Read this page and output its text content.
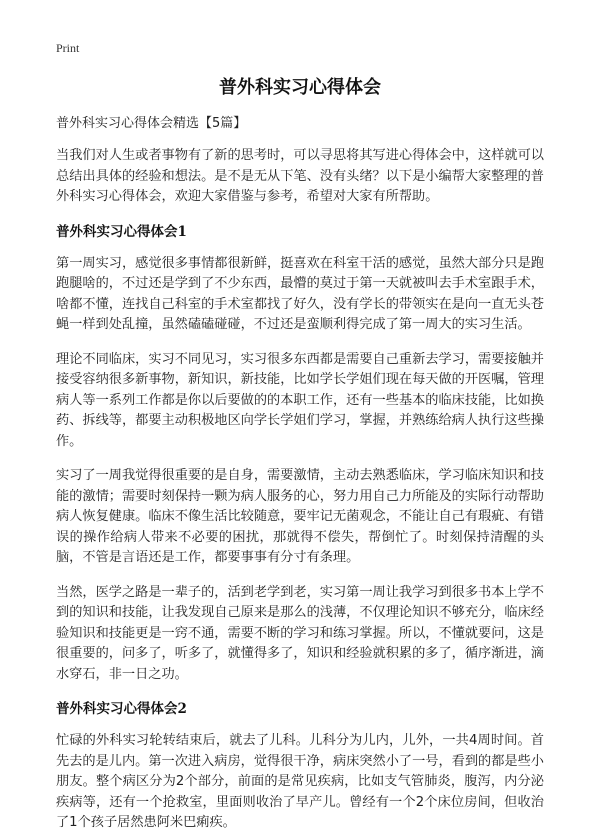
Print
普外科实习心得体会
普外科实习心得体会精选【5篇】

当我们对人生或者事物有了新的思考时，可以寻思将其写进心得体会中，这样就可以总结出具体的经验和想法。是不是无从下笔、没有头绪？以下是小编帮大家整理的普外科实习心得体会，欢迎大家借鉴与参考，希望对大家有所帮助。

普外科实习心得体会1

第一周实习，感觉很多事情都很新鲜，挺喜欢在科室干活的感觉，虽然大部分只是跑跑腿啥的，不过还是学到了不少东西，最懵的莫过于第一天就被叫去手术室跟手术，啥都不懂，连找自己科室的手术室都找了好久，没有学长的带领实在是向一直无头苍蝇一样到处乱撞，虽然磕磕碰碰，不过还是蛮顺利得完成了第一周大的实习生活。

理论不同临床，实习不同见习，实习很多东西都是需要自己重新去学习，需要接触并接受容纳很多新事物，新知识，新技能，比如学长学姐们现在每天做的开医嘱，管理病人等一系列工作都是你以后要做的的本职工作，还有一些基本的临床技能，比如换药、拆线等，都要主动积极地区向学长学姐们学习，掌握，并熟练给病人执行这些操作。

实习了一周我觉得很重要的是自身，需要激情，主动去熟悉临床，学习临床知识和技能的激情；需要时刻保持一颗为病人服务的心，努力用自己力所能及的实际行动帮助病人恢复健康。临床不像生活比较随意，要牢记无菌观念，不能让自己有瑕疵、有错误的操作给病人带来不必要的困扰，那就得不偿失，帮倒忙了。时刻保持清醒的头脑，不管是言语还是工作，都要事事有分寸有条理。

当然，医学之路是一辈子的，活到老学到老，实习第一周让我学习到很多书本上学不到的知识和技能，让我发现自己原来是那么的浅薄，不仅理论知识不够充分，临床经验知识和技能更是一窍不通，需要不断的学习和练习掌握。所以，不懂就要问，这是很重要的，问多了，听多了，就懂得多了，知识和经验就积累的多了，循序渐进，滴水穿石，非一日之功。

普外科实习心得体会2

忙碌的外科实习轮转结束后，就去了儿科。儿科分为儿内，儿外，一共4周时间。首先去的是儿内。第一次进入病房，觉得很干净，病床突然小了一号，看到的都是些小朋友。整个病区分为2个部分，前面的是常见疾病，比如支气管肺炎，腹泻，内分泌疾病等，还有一个抢救室，里面则收治了早产儿。曾经有一个2个床位房间，但收治了1个孩子居然患阿米巴痢疾。
